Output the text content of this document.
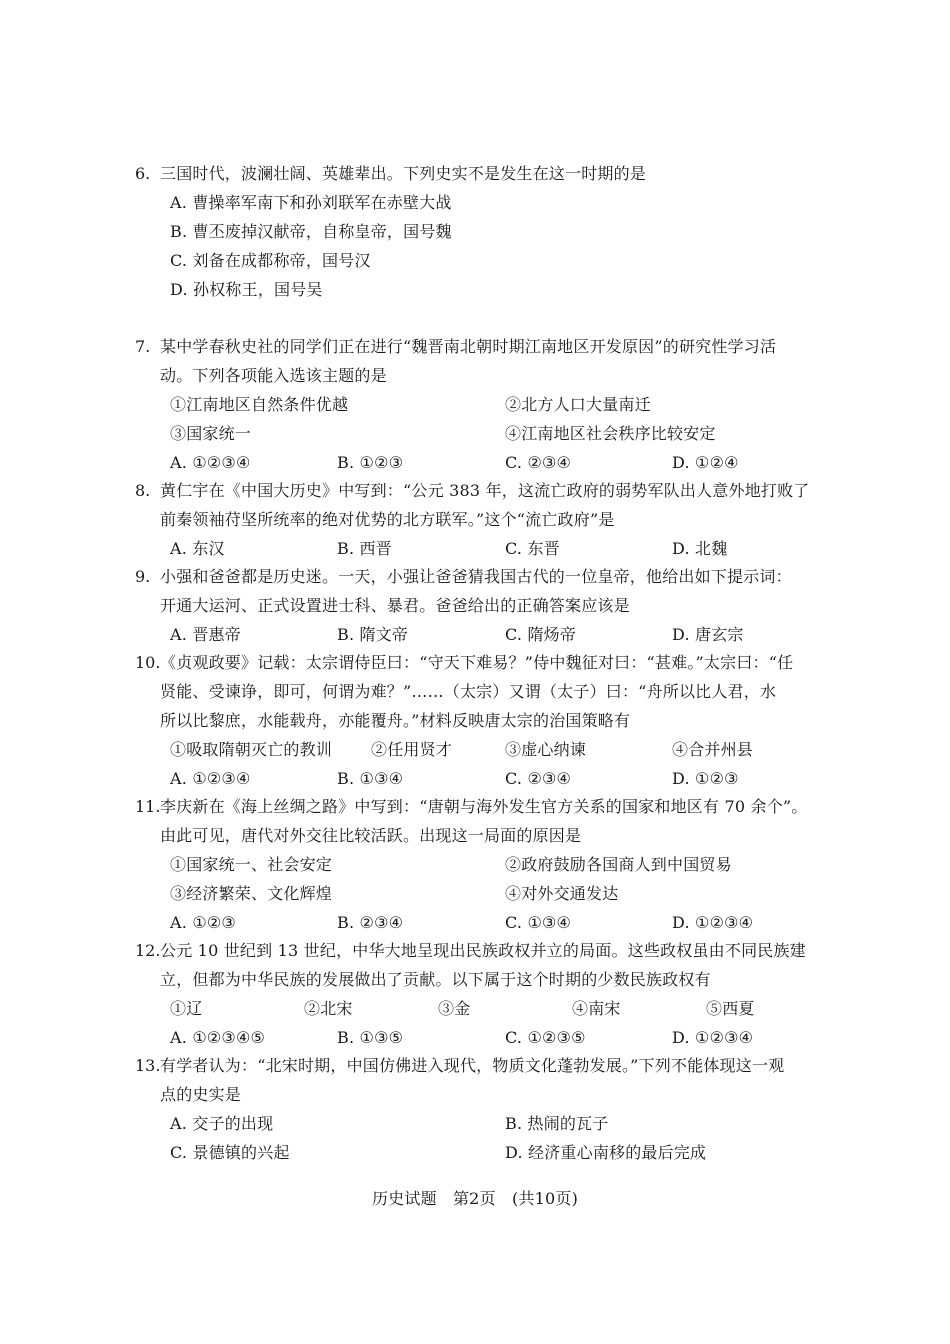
6. 三国时代，波澜壮阔、英雄辈出。下列史实不是发生在这一时期的是
A. 曹操率军南下和孙刘联军在赤壁大战
B. 曹丕废掉汉献帝，自称皇帝，国号魏
C. 刘备在成都称帝，国号汉
D. 孙权称王，国号吴
7. 某中学春秋史社的同学们正在进行“魏晋南北朝时期江南地区开发原因”的研究性学习活
动。下列各项能入选该主题的是
①江南地区自然条件优越	②北方人口大量南迁
③国家统一	④江南地区社会秩序比较安定
A. ①②③④	B. ①②③	C. ②③④	D. ①②④
8. 黄仁宇在《中国大历史》中写到：“公元 383 年，这流亡政府的弱势军队出人意外地打败了
前秦领袖苻坚所统率的绝对优势的北方联军。”这个“流亡政府”是
A. 东汉	B. 西晋	C. 东晋	D. 北魏
9. 小强和爸爸都是历史迷。一天，小强让爸爸猜我国古代的一位皇帝，他给出如下提示词：
开通大运河、正式设置进士科、暴君。爸爸给出的正确答案应该是
A. 晋惠帝	B. 隋文帝	C. 隋炀帝	D. 唐玄宗
10. 《贞观政要》记载：太宗谓侍臣曰：“守天下难易？”侍中魏征对曰：“甚难。”太宗曰：“任
贤能、受谏诤，即可，何谓为难？”……（太宗）又谓（太子）曰：“舟所以比人君，水
所以比黎庶，水能载舟，亦能覆舟。”材料反映唐太宗的治国策略有
①吸取隋朝灭亡的教训 ②任用贤才	③虚心纳谏	④合并州县
A. ①②③④	B. ①③④	C. ②③④	D. ①②③
11. 李庆新在《海上丝绸之路》中写到：“唐朝与海外发生官方关系的国家和地区有 70 余个”。
由此可见，唐代对外交往比较活跃。出现这一局面的原因是
①国家统一、社会安定	②政府鼓励各国商人到中国贸易
③经济繁荣、文化辉煌	④对外交通发达
A. ①②③	B. ②③④	C. ①③④	D. ①②③④
12. 公元 10 世纪到 13 世纪，中华大地呈现出民族政权并立的局面。这些政权虽由不同民族建
立，但都为中华民族的发展做出了贡献。以下属于这个时期的少数民族政权有
①辽	②北宋	③金	④南宋	⑤西夏
A. ①②③④⑤	B. ①③⑤	C. ①②③⑤	D. ①②③④
13. 有学者认为：“北宋时期，中国仿佛进入现代，物质文化蓬勃发展。”下列不能体现这一观
点的史实是
A. 交子的出现	B. 热闹的瓦子
C. 景德镇的兴起	D. 经济重心南移的最后完成
历史试题　第2页　(共10页)
